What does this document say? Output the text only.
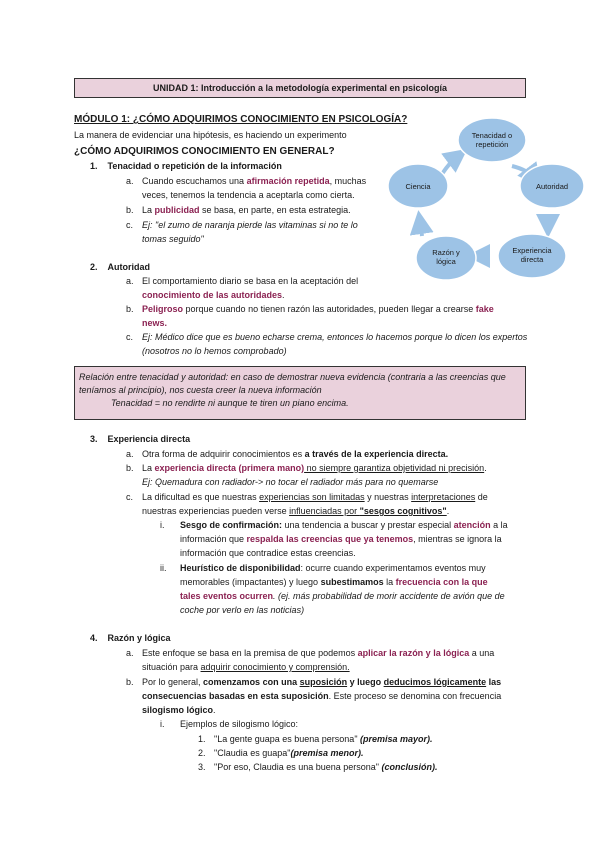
UNIDAD 1: Introducción a la metodología experimental en psicología
MÓDULO 1: ¿CÓMO ADQUIRIMOS CONOCIMIENTO EN PSICOLOGÍA?
La manera de evidenciar una hipótesis, es haciendo un experimento
¿CÓMO ADQUIRIMOS CONOCIMIENTO EN GENERAL?
Tenacidad o
repetición
Autoridad
Experiencia
directa
Razón y
lógica
Ciencia
1. Tenacidad o repetición de la información
a. Cuando escuchamos una afirmación repetida, muchas
veces, tenemos la tendencia a aceptarla como cierta.
b. La publicidad se basa, en parte, en esta estrategia.
c. Ej: "el zumo de naranja pierde las vitaminas si no te lo
tomas seguido"
2. Autoridad
a. El comportamiento diario se basa en la aceptación del
conocimiento de las autoridades.
b. Peligroso porque cuando no tienen razón las autoridades, pueden llegar a crearse fake
news.
c. Ej: Médico dice que es bueno echarse crema, entonces lo hacemos porque lo dicen los expertos
(nosotros no lo hemos comprobado)
Relación entre tenacidad y autoridad: en caso de demostrar nueva evidencia (contraria a las creencias que
teníamos al principio), nos cuesta creer la nueva información
Tenacidad = no rendirte ni aunque te tiren un piano encima.
3. Experiencia directa
a. Otra forma de adquirir conocimientos es a través de la experiencia directa.
b. La experiencia directa (primera mano) no siempre garantiza objetividad ni precisión.
Ej: Quemadura con radiador-> no tocar el radiador más para no quemarse
c. La dificultad es que nuestras experiencias son limitadas y nuestras interpretaciones de
nuestras experiencias pueden verse influenciadas por "sesgos cognitivos".
i. Sesgo de confirmación: una tendencia a buscar y prestar especial atención a la
información que respalda las creencias que ya tenemos, mientras se ignora la
información que contradice estas creencias.
ii. Heurístico de disponibilidad: ocurre cuando experimentamos eventos muy
memorables (impactantes) y luego subestimamos la frecuencia con la que
tales eventos ocurren. (ej. más probabilidad de morir accidente de avión que de
coche por verlo en las noticias)
4. Razón y lógica
a. Este enfoque se basa en la premisa de que podemos aplicar la razón y la lógica a una
situación para adquirir conocimiento y comprensión.
b. Por lo general, comenzamos con una suposición y luego deducimos lógicamente las
consecuencias basadas en esta suposición. Este proceso se denomina con frecuencia
silogismo lógico.
i. Ejemplos de silogismo lógico:
1. "La gente guapa es buena persona" (premisa mayor).
2. "Claudia es guapa"(premisa menor).
3. "Por eso, Claudia es una buena persona" (conclusión).
